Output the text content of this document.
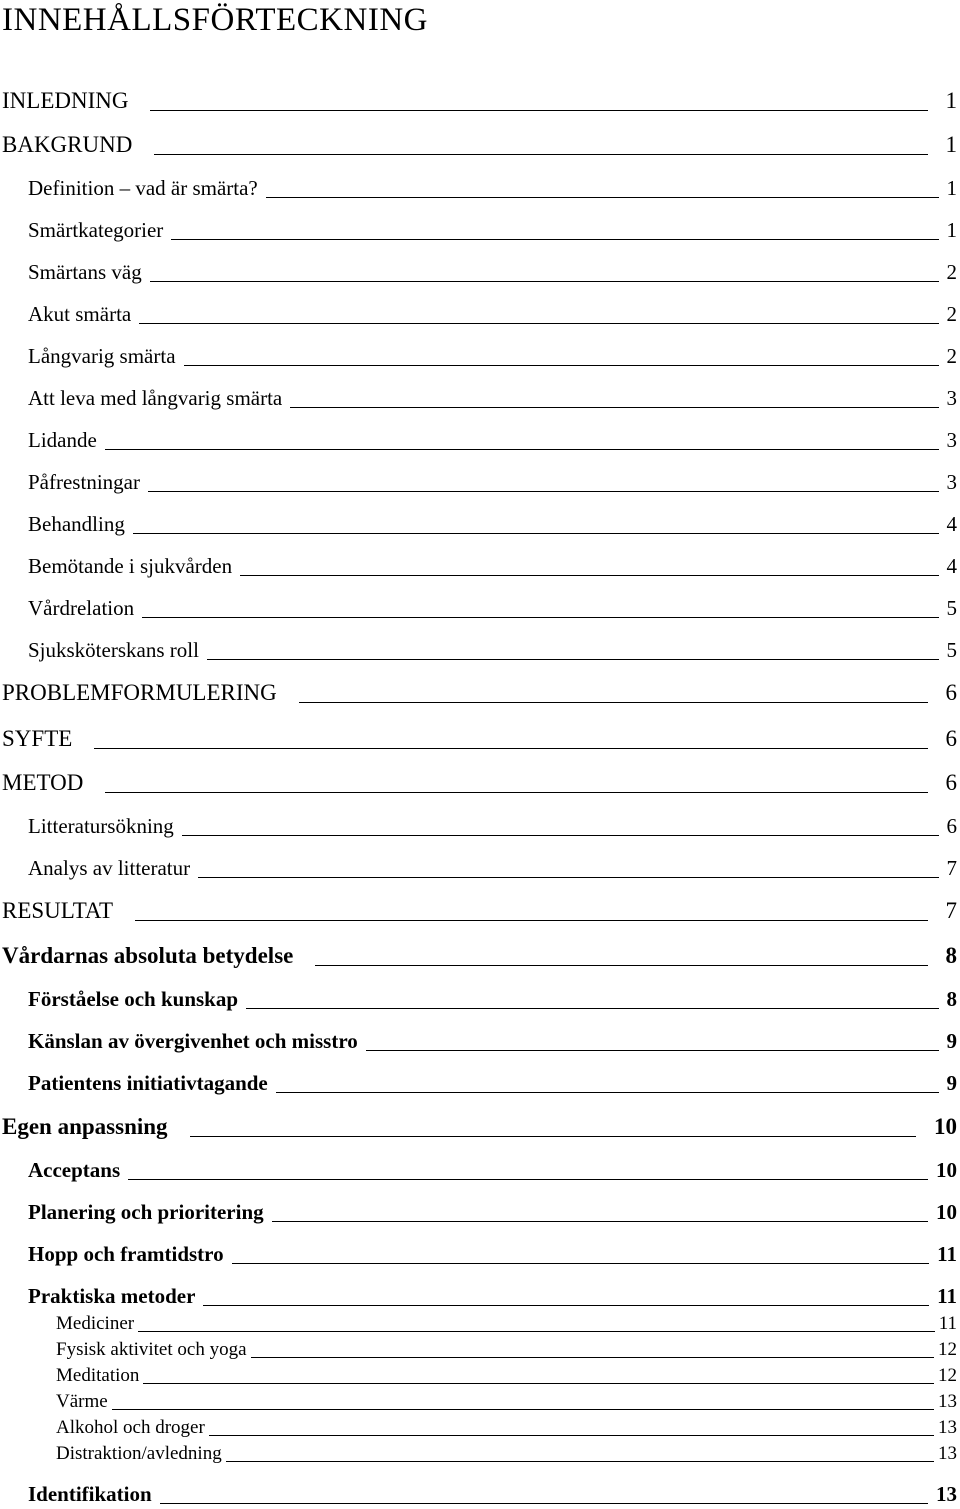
INNEHÅLLSFÖRTECKNING
INLEDNING	1
BAKGRUND	1
Definition – vad är smärta?	1
Smärtkategorier	1
Smärtans väg	2
Akut smärta	2
Långvarig smärta	2
Att leva med långvarig smärta	3
Lidande	3
Påfrestningar	3
Behandling	4
Bemötande i sjukvården	4
Vårdrelation	5
Sjuksköterskans roll	5
PROBLEMFORMULERING	6
SYFTE	6
METOD	6
Litteratursökning	6
Analys av litteratur	7
RESULTAT	7
Vårdarnas absoluta betydelse	8
Förståelse och kunskap	8
Känslan av övergivenhet och misstro	9
Patientens initiativtagande	9
Egen anpassning	10
Acceptans	10
Planering och prioritering	10
Hopp och framtidstro	11
Praktiska metoder	11
Mediciner	11
Fysisk aktivitet och yoga	12
Meditation	12
Värme	13
Alkohol och droger	13
Distraktion/avledning	13
Identifikation	13
